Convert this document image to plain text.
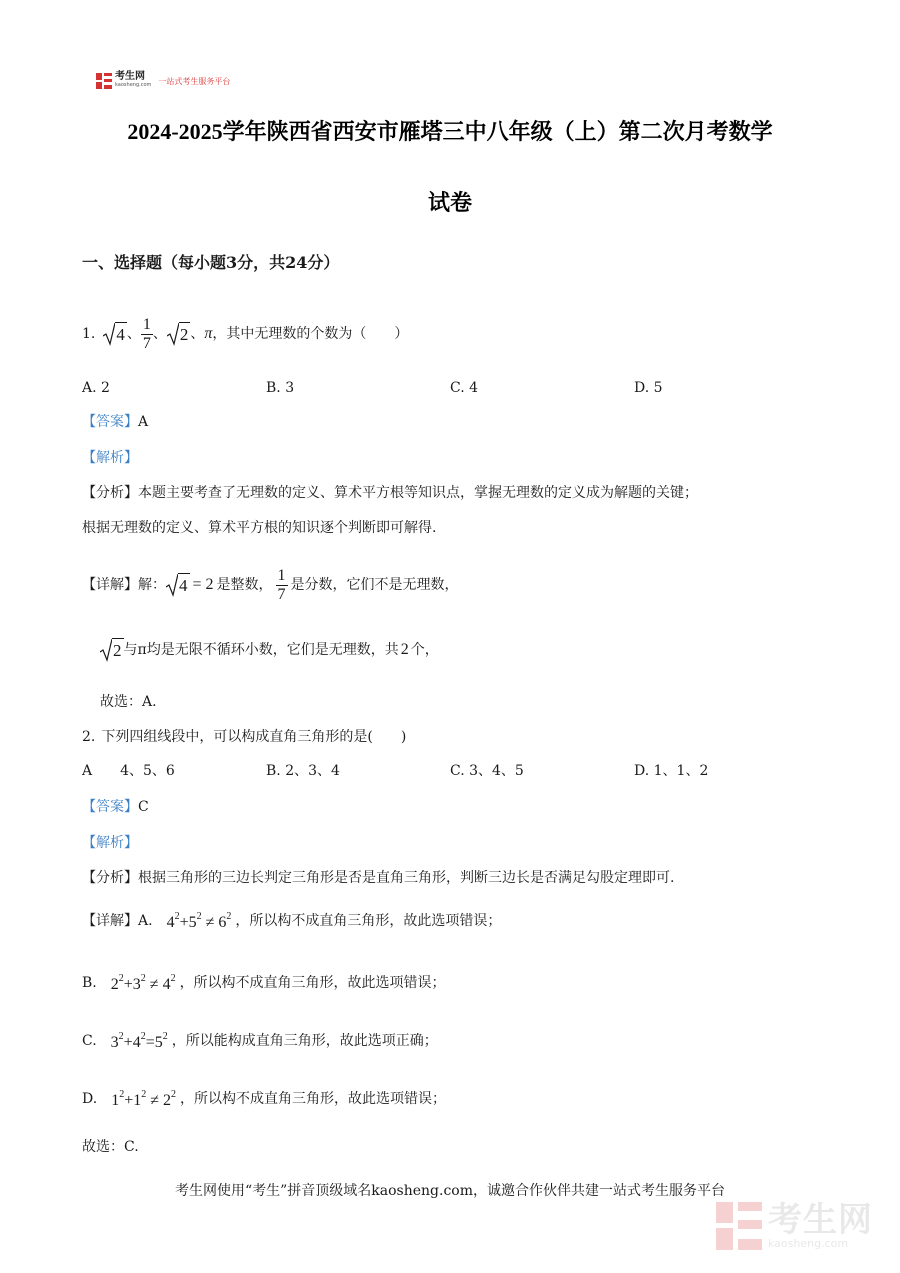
考生网
kaosheng.com 一站式考生服务平台
2024-2025学年陕西省西安市雁塔三中八年级（上）第二次月考数学
试卷
一、选择题（每小题3分，共24分）
1. 4 、 $\frac{1}{7}$ 、 2 、 π ，其中无理数的个数为（　　）
A. 2	B. 3	C. 4	D. 5
【答案】A
【解析】
【分析】本题主要考查了无理数的定义、算术平方根等知识点，掌握无理数的定义成为解题的关键；
根据无理数的定义、算术平方根的知识逐个判断即可解得.
【详解】 解： 4 = 2 是整数， $\frac{1}{7}$ 是分数，它们不是无理数，
2 与π均是无限不循环小数，它们是无理数，共 2 个，
故选：A.
2. 下列四组线段中，可以构成直角三角形的是(　　)
A　　4、5、6	B. 2、3、4	C. 3、4、5	D. 1、1、2
【答案】C
【解析】
【分析】根据三角形的三边长判定三角形是否是直角三角形，判断三边长是否满足勾股定理即可.
【详解】 A. $4^2+5^2 \ne 6^2$ ，所以构不成直角三角形，故此选项错误；
B. $2^2+3^2 \ne 4^2$ ，所以构不成直角三角形，故此选项错误；
C. $3^2+4^2=5^2$ ，所以能构成直角三角形，故此选项正确；
D. $1^2+1^2 \ne 2^2$ ，所以构不成直角三角形，故此选项错误；
故选：C.
考生网使用“考生”拼音顶级域名kaosheng.com，诚邀合作伙伴共建一站式考生服务平台
考生网
kaosheng.com
